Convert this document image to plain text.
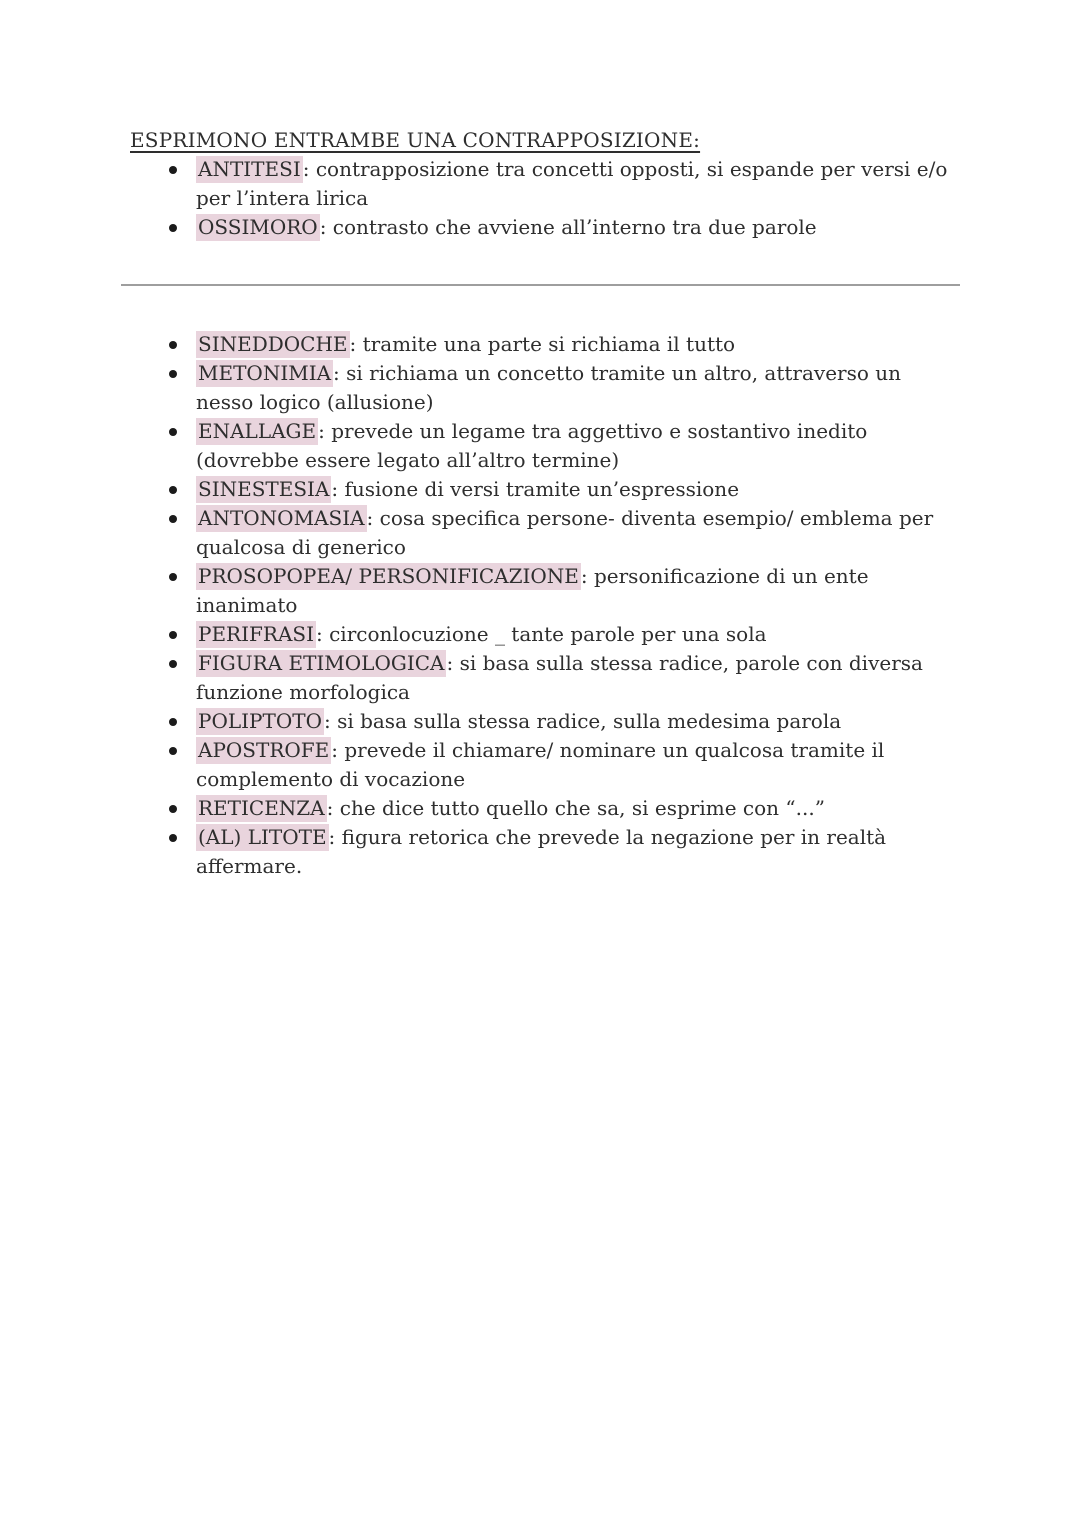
ESPRIMONO ENTRAMBE UNA CONTRAPPOSIZIONE:
ANTITESI : contrapposizione tra concetti opposti, si espande per versi e/o per l’intera lirica
OSSIMORO : contrasto che avviene all’interno tra due parole
SINEDDOCHE : tramite una parte si richiama il tutto
METONIMIA : si richiama un concetto tramite un altro, attraverso un nesso logico (allusione)
ENALLAGE : prevede un legame tra aggettivo e sostantivo inedito (dovrebbe essere legato all’altro termine)
SINESTESIA : fusione di versi tramite un’espressione
ANTONOMASIA : cosa specifica persone- diventa esempio/ emblema per qualcosa di generico
PROSOPOPEA/ PERSONIFICAZIONE : personificazione di un ente inanimato
PERIFRASI : circonlocuzione _ tante parole per una sola
FIGURA ETIMOLOGICA : si basa sulla stessa radice, parole con diversa funzione morfologica
POLIPTOTO : si basa sulla stessa radice, sulla medesima parola
APOSTROFE : prevede il chiamare/ nominare un qualcosa tramite il complemento di vocazione
RETICENZA : che dice tutto quello che sa, si esprime con “...”
(AL) LITOTE : figura retorica che prevede la negazione per in realtà affermare.
